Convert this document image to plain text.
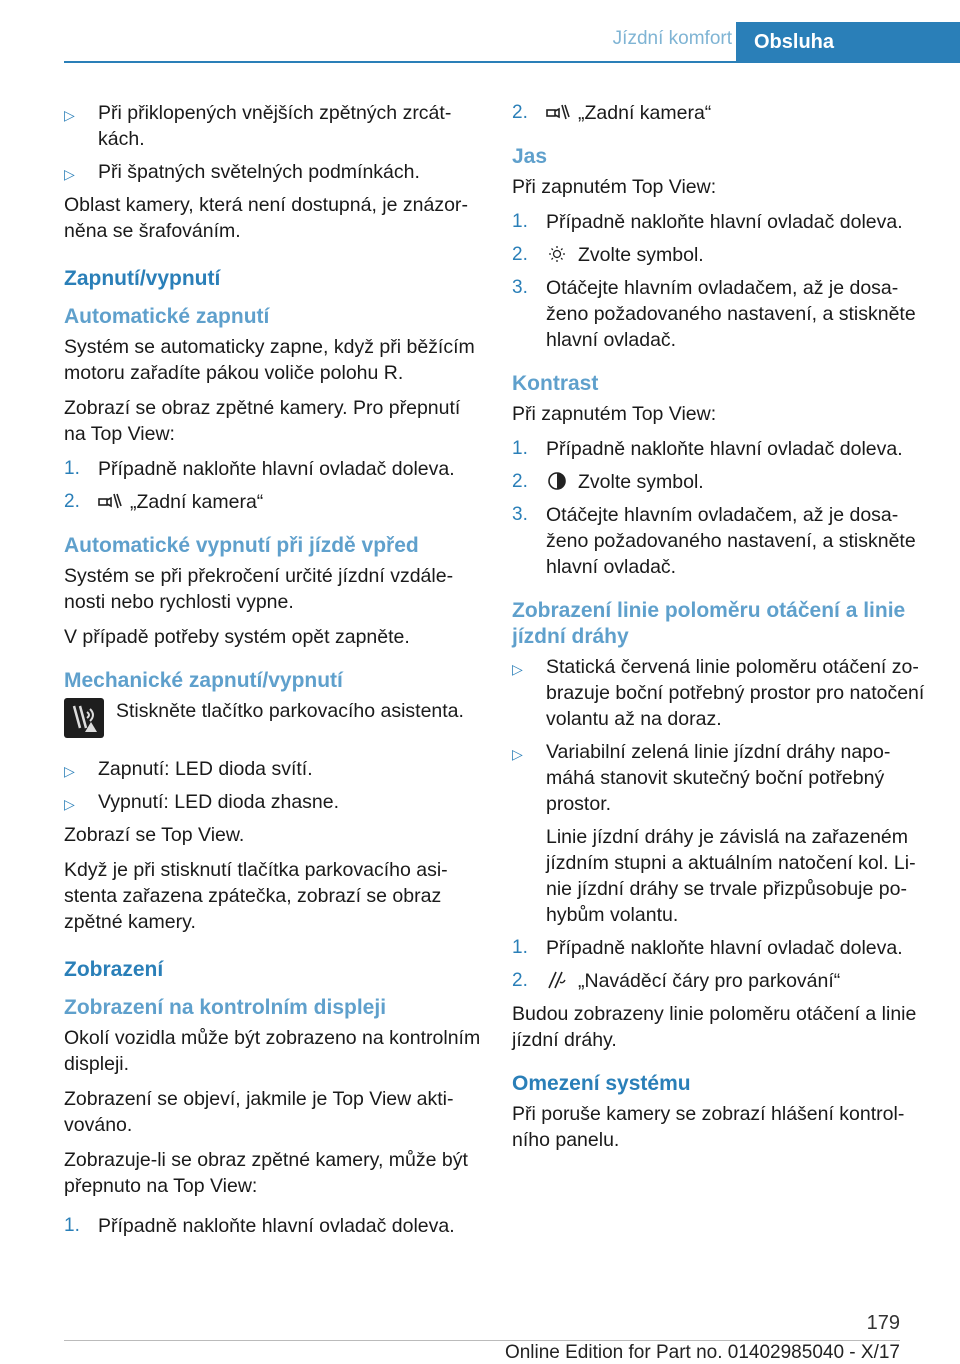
Jízdní komfort	Obsluha
▷ Při přiklopených vnějších zpětných zrcátkách.
▷ Při špatných světelných podmínkách.

Oblast kamery, která není dostupná, je znázorněna se šrafováním.

Zapnutí/vypnutí
Automatické zapnutí

Systém se automaticky zapne, když při běžícím motoru zařadíte pákou voliče polohu R.

Zobrazí se obraz zpětné kamery. Pro přepnutí na Top View:

1. Případně nakloňte hlavní ovladač doleva.
2.	„Zadní kamera“
Automatické vypnutí při jízdě vpřed

Systém se při překročení určité jízdní vzdálenosti nebo rychlosti vypne.

V případě potřeby systém opět zapněte.

Mechanické zapnutí/vypnutí
Stiskněte tlačítko parkovacího asistenta.
▷ Zapnutí: LED dioda svítí.
▷ Vypnutí: LED dioda zhasne.

Zobrazí se Top View.

Když je při stisknutí tlačítka parkovacího asistenta zařazena zpátečka, zobrazí se obraz zpětné kamery.

Zobrazení
Zobrazení na kontrolním displeji

Okolí vozidla může být zobrazeno na kontrolním displeji.

Zobrazení se objeví, jakmile je Top View aktivováno.

Zobrazuje-li se obraz zpětné kamery, může být přepnuto na Top View:

1. Případně nakloňte hlavní ovladač doleva.
2.	„Zadní kamera“
Jas

Při zapnutém Top View:

1. Případně nakloňte hlavní ovladač doleva.
2.	Zvolte symbol.
3. Otáčejte hlavním ovladačem, až je dosaženo požadovaného nastavení, a stiskněte hlavní ovladač.
Kontrast

Při zapnutém Top View:

1. Případně nakloňte hlavní ovladač doleva.
2.	Zvolte symbol.
3. Otáčejte hlavním ovladačem, až je dosaženo požadovaného nastavení, a stiskněte hlavní ovladač.
Zobrazení linie poloměru otáčení a linie jízdní dráhy
▷ Statická červená linie poloměru otáčení zobrazuje boční potřebný prostor pro natočení volantu až na doraz.
▷ Variabilní zelená linie jízdní dráhy napomáhá stanovit skutečný boční potřebný prostor.
Linie jízdní dráhy je závislá na zařazeném jízdním stupni a aktuálním natočení kol. Linie jízdní dráhy se trvale přizpůsobuje pohybům volantu.
1. Případně nakloňte hlavní ovladač doleva.
2.	„Naváděcí čáry pro parkování“

Budou zobrazeny linie poloměru otáčení a linie jízdní dráhy.

Omezení systému

Při poruše kamery se zobrazí hlášení kontrolního panelu.

179
Online Edition for Part no. 01402985040 - X/17
